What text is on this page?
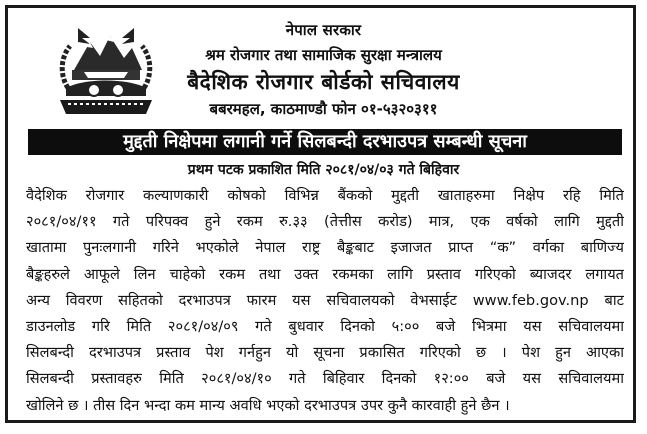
नेपाल सरकार
श्रम रोजगार तथा सामाजिक सुरक्षा मन्त्रालय
बैदेशिक रोजगार बोर्डको सचिवालय
बबरमहल, काठमाण्डौ फोन ०१-५३२०३११
मुद्दती निक्षेपमा लगानी गर्ने सिलबन्दी दरभाउपत्र सम्बन्धी सूचना
प्रथम पटक प्रकाशित मिति २०८१/०४/०३ गते बिहिवार
वैदेशिक रोजगार कल्याणकारी कोषको विभिन्न बैंकको मुद्दती खाताहरुमा निक्षेप रहि मिति
२०८१/०४/११ गते परिपक्व हुने रकम रु.३३ (तेत्तीस करोड) मात्र, एक वर्षको लागि मुद्दती
खातामा पुनःलगानी गरिने भएकोले नेपाल राष्ट्र बैङ्कबाट इजाजत प्राप्त “क” वर्गका बाणिज्य
बैङ्कहरुले आफूले लिन चाहेको रकम तथा उक्त रकमका लागि प्रस्ताव गरिएको ब्याजदर लगायत
अन्य विवरण सहितको दरभाउपत्र फारम यस सचिवालयको वेभसाईट www.feb.gov.np बाट
डाउनलोड गरि मिति २०८१/०४/०९ गते बुधवार दिनको ५:०० बजे भित्रमा यस सचिवालयमा
सिलबन्दी दरभाउपत्र प्रस्ताव पेश गर्नहुन यो सूचना प्रकासित गरिएको छ । पेश हुन आएका
सिलबन्दी प्रस्तावहरु मिति २०८१/०४/१० गते बिहिवार दिनको १२:०० बजे यस सचिवालयमा
खोलिने छ । तीस दिन भन्दा कम मान्य अवधि भएको दरभाउपत्र उपर कुनै कारवाही हुने छैन ।
